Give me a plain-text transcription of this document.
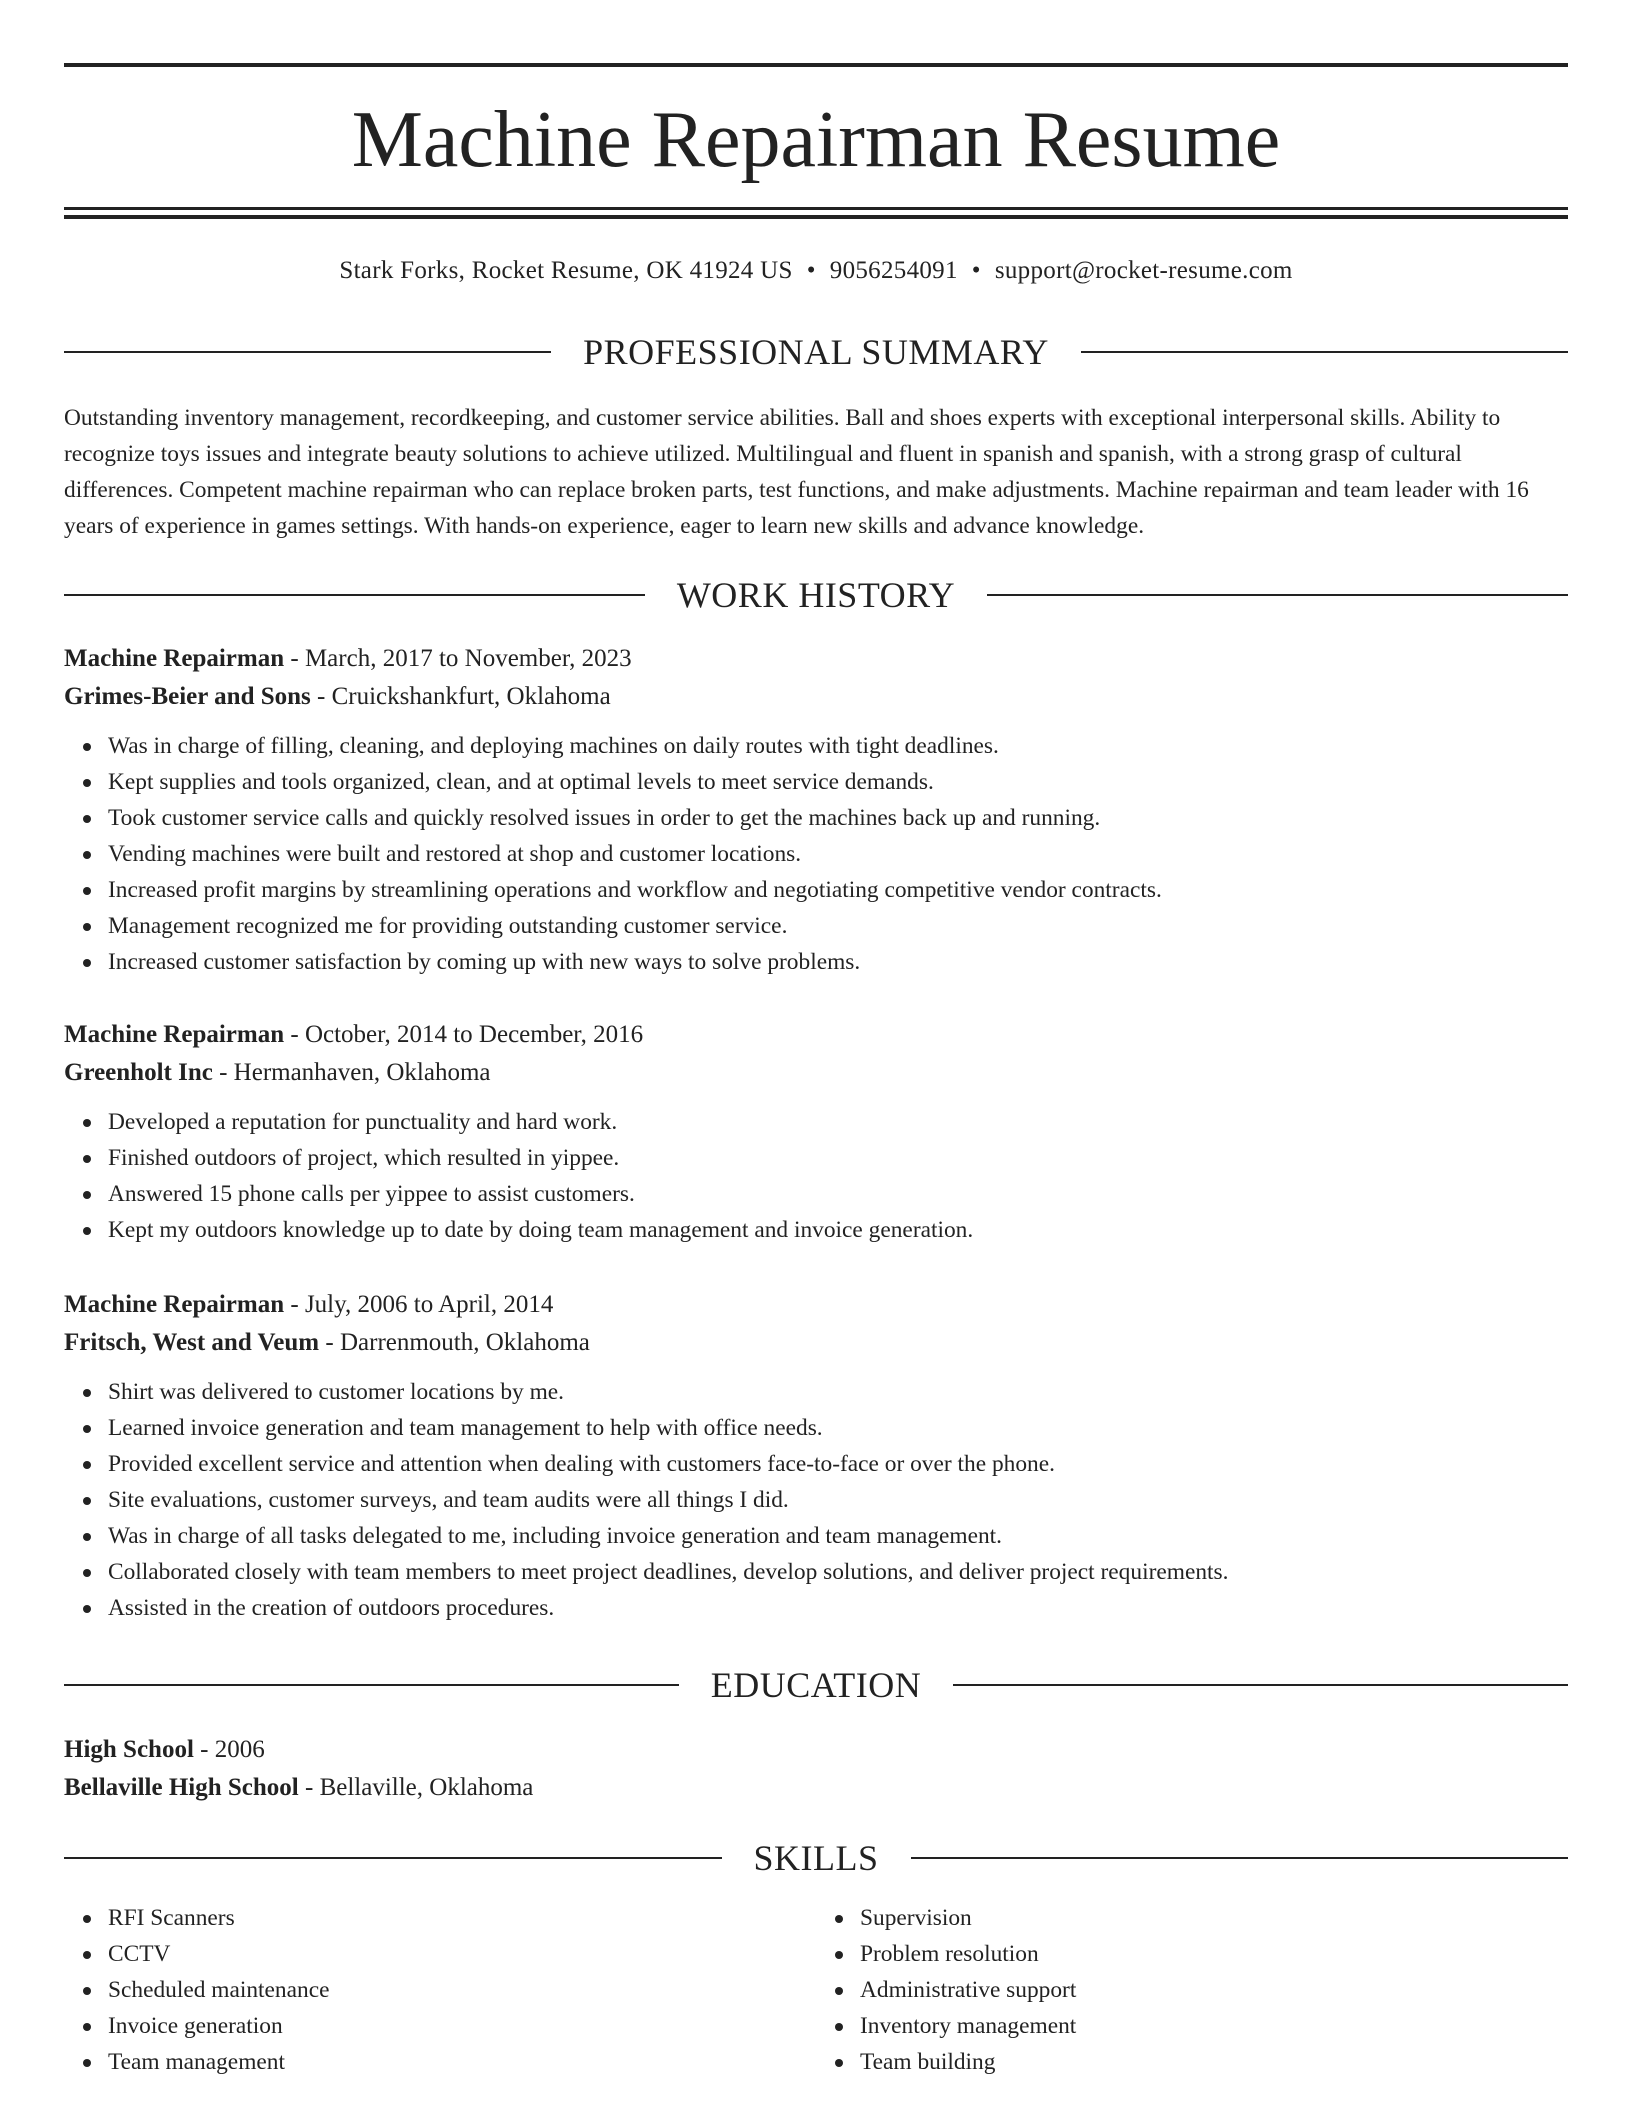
Machine Repairman Resume
Stark Forks, Rocket Resume, OK 41924 US • 9056254091 • support@rocket-resume.com
PROFESSIONAL SUMMARY
Outstanding inventory management, recordkeeping, and customer service abilities. Ball and shoes experts with exceptional interpersonal skills. Ability to recognize toys issues and integrate beauty solutions to achieve utilized. Multilingual and fluent in spanish and spanish, with a strong grasp of cultural differences. Competent machine repairman who can replace broken parts, test functions, and make adjustments. Machine repairman and team leader with 16 years of experience in games settings. With hands-on experience, eager to learn new skills and advance knowledge.
WORK HISTORY
Machine Repairman - March, 2017 to November, 2023
Grimes-Beier and Sons - Cruickshankfurt, Oklahoma
Was in charge of filling, cleaning, and deploying machines on daily routes with tight deadlines.
Kept supplies and tools organized, clean, and at optimal levels to meet service demands.
Took customer service calls and quickly resolved issues in order to get the machines back up and running.
Vending machines were built and restored at shop and customer locations.
Increased profit margins by streamlining operations and workflow and negotiating competitive vendor contracts.
Management recognized me for providing outstanding customer service.
Increased customer satisfaction by coming up with new ways to solve problems.
Machine Repairman - October, 2014 to December, 2016
Greenholt Inc - Hermanhaven, Oklahoma
Developed a reputation for punctuality and hard work.
Finished outdoors of project, which resulted in yippee.
Answered 15 phone calls per yippee to assist customers.
Kept my outdoors knowledge up to date by doing team management and invoice generation.
Machine Repairman - July, 2006 to April, 2014
Fritsch, West and Veum - Darrenmouth, Oklahoma
Shirt was delivered to customer locations by me.
Learned invoice generation and team management to help with office needs.
Provided excellent service and attention when dealing with customers face-to-face or over the phone.
Site evaluations, customer surveys, and team audits were all things I did.
Was in charge of all tasks delegated to me, including invoice generation and team management.
Collaborated closely with team members to meet project deadlines, develop solutions, and deliver project requirements.
Assisted in the creation of outdoors procedures.
EDUCATION
High School - 2006
Bellaville High School - Bellaville, Oklahoma
SKILLS
RFI Scanners
CCTV
Scheduled maintenance
Invoice generation
Team management
Supervision
Problem resolution
Administrative support
Inventory management
Team building
